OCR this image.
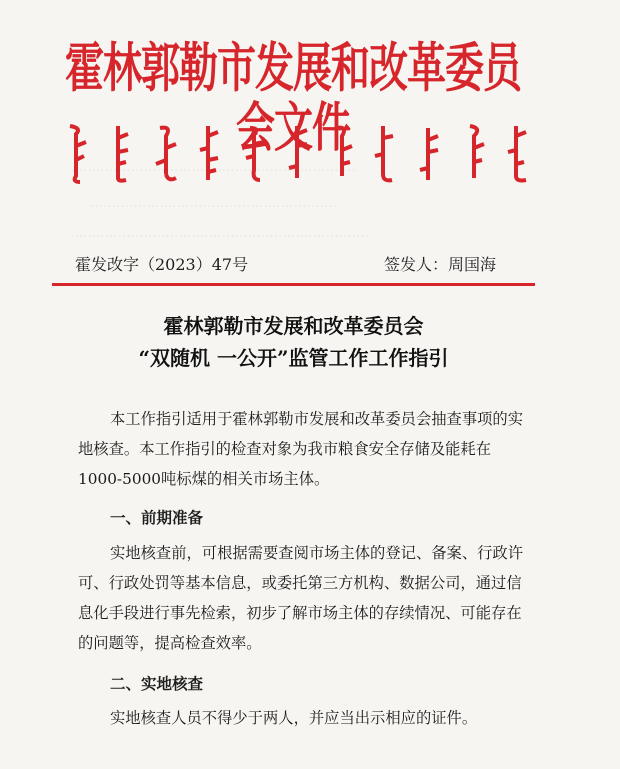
…………………………………………………………
…………………………………………………
……………………………………………………………
霍林郭勒市发展和改革委员会文件
霍发改字（2023）47号	签发人：周国海
霍林郭勒市发展和改革委员会
“双随机 一公开”监管工作工作指引
本工作指引适用于霍林郭勒市发展和改革委员会抽查事项的实地核查。本工作指引的检查对象为我市粮食安全存储及能耗在1000-5000吨标煤的相关市场主体。
一、前期准备
实地核查前，可根据需要查阅市场主体的登记、备案、行政许可、行政处罚等基本信息，或委托第三方机构、数据公司，通过信息化手段进行事先检索，初步了解市场主体的存续情况、可能存在的问题等，提高检查效率。
二、实地核查
实地核查人员不得少于两人，并应当出示相应的证件。
